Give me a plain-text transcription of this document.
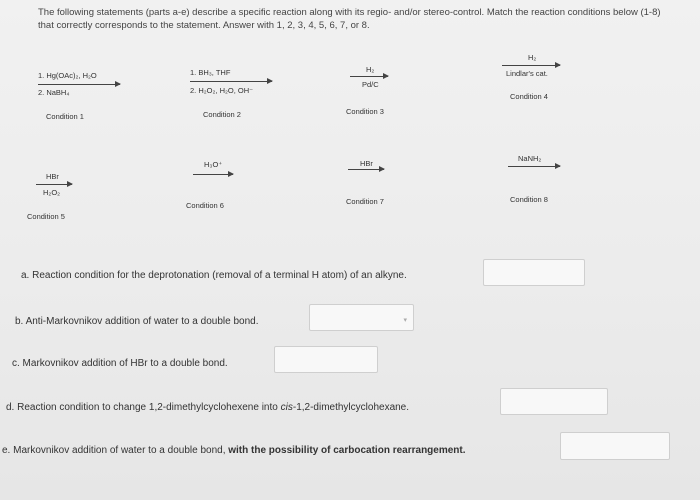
The following statements (parts a-e) describe a specific reaction along with its regio- and/or stereo-control. Match the reaction conditions below (1-8) that correctly corresponds to the statement. Answer with 1, 2, 3, 4, 5, 6, 7, or 8.
1. Hg(OAc)₂, H₂O
2. NaBH₄
Condition 1
1. BH₃, THF
2. H₂O₂, H₂O, OH⁻
Condition 2
H₂
Pd/C
Condition 3
H₂
Lindlar's cat.
Condition 4
HBr
H₂O₂
Condition 5
H₃O⁺
Condition 6
HBr
Condition 7
NaNH₂
Condition 8
a. Reaction condition for the deprotonation (removal of a terminal H atom) of an alkyne.
b. Anti-Markovnikov addition of water to a double bond.	▾
c. Markovnikov addition of HBr to a double bond.
d. Reaction condition to change 1,2-dimethylcyclohexene into cis-1,2-dimethylcyclohexane.
e. Markovnikov addition of water to a double bond, with the possibility of carbocation rearrangement.
